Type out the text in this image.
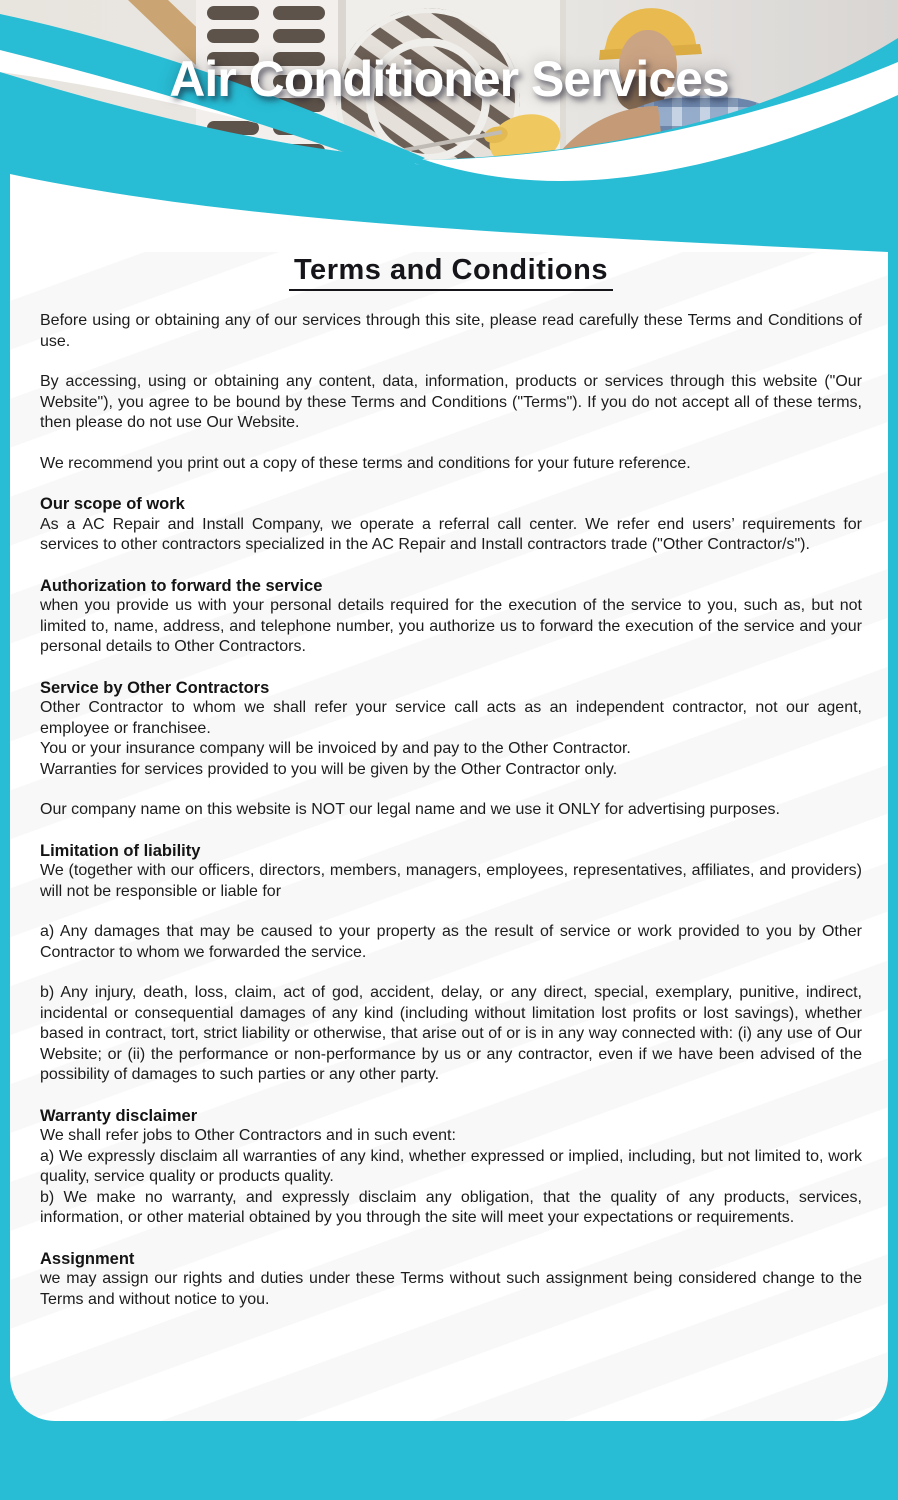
Air Conditioner Services
Terms and Conditions

Before using or obtaining any of our services through this site, please read carefully these Terms and Conditions of use.

By accessing, using or obtaining any content, data, information, products or services through this website ("Our Website"), you agree to be bound by these Terms and Conditions ("Terms"). If you do not accept all of these terms, then please do not use Our Website.

We recommend you print out a copy of these terms and conditions for your future reference.

Our scope of work

As a AC Repair and Install Company, we operate a referral call center. We refer end users’ requirements for services to other contractors specialized in the AC Repair and Install contractors trade ("Other Contractor/s").

Authorization to forward the service

when you provide us with your personal details required for the execution of the service to you, such as, but not limited to, name, address, and telephone number, you authorize us to forward the execution of the service and your personal details to Other Contractors.

Service by Other Contractors

Other Contractor to whom we shall refer your service call acts as an independent contractor, not our agent, employee or franchisee.

You or your insurance company will be invoiced by and pay to the Other Contractor.

Warranties for services provided to you will be given by the Other Contractor only.

Our company name on this website is NOT our legal name and we use it ONLY for advertising purposes.

Limitation of liability

We (together with our officers, directors, members, managers, employees, representatives, affiliates, and providers) will not be responsible or liable for

a) Any damages that may be caused to your property as the result of service or work provided to you by Other Contractor to whom we forwarded the service.

b) Any injury, death, loss, claim, act of god, accident, delay, or any direct, special, exemplary, punitive, indirect, incidental or consequential damages of any kind (including without limitation lost profits or lost savings), whether based in contract, tort, strict liability or otherwise, that arise out of or is in any way connected with: (i) any use of Our Website; or (ii) the performance or non-performance by us or any contractor, even if we have been advised of the possibility of damages to such parties or any other party.

Warranty disclaimer

We shall refer jobs to Other Contractors and in such event:

a) We expressly disclaim all warranties of any kind, whether expressed or implied, including, but not limited to, work quality, service quality or products quality.

b) We make no warranty, and expressly disclaim any obligation, that the quality of any products, services, information, or other material obtained by you through the site will meet your expectations or requirements.

Assignment

we may assign our rights and duties under these Terms without such assignment being considered change to the Terms and without notice to you.
